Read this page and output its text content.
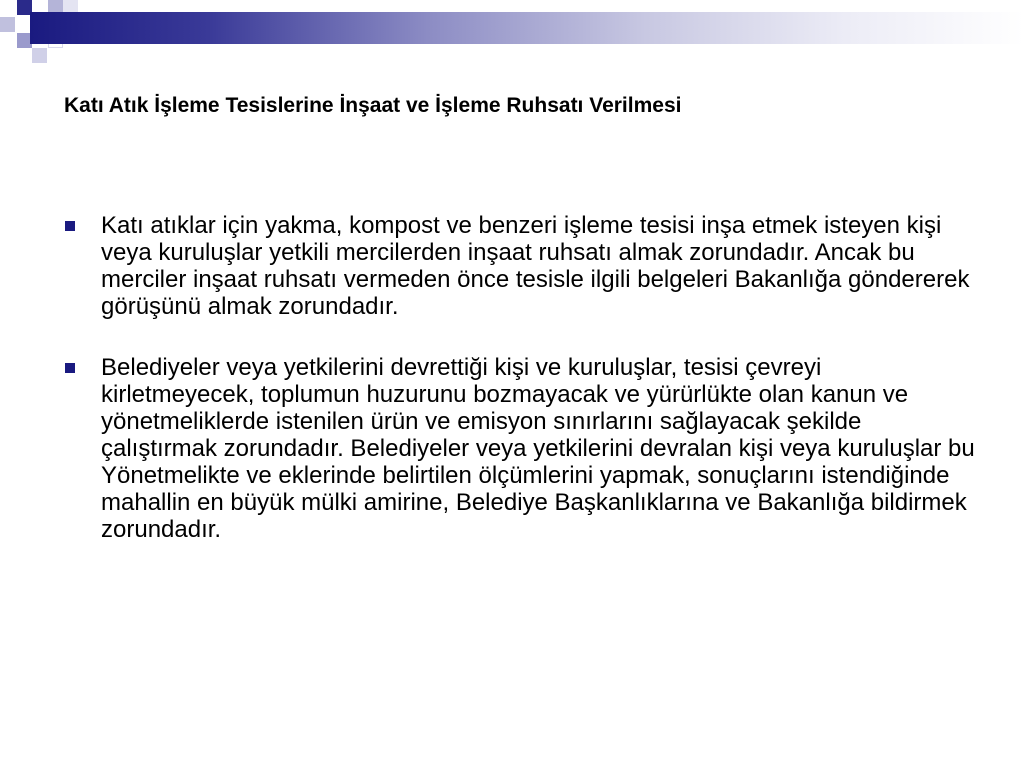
Katı Atık İşleme Tesislerine İnşaat ve İşleme Ruhsatı Verilmesi
Katı atıklar için yakma, kompost ve benzeri işleme tesisi inşa etmek isteyen kişi veya kuruluşlar yetkili mercilerden inşaat ruhsatı almak zorundadır. Ancak bu merciler inşaat ruhsatı vermeden önce tesisle ilgili belgeleri Bakanlığa göndererek görüşünü almak zorundadır.
Belediyeler veya yetkilerini devrettiği kişi ve kuruluşlar, tesisi çevreyi kirletmeyecek, toplumun huzurunu bozmayacak ve yürürlükte olan kanun ve yönetmeliklerde istenilen ürün ve emisyon sınırlarını sağlayacak şekilde çalıştırmak zorundadır. Belediyeler veya yetkilerini devralan kişi veya kuruluşlar bu Yönetmelikte ve eklerinde belirtilen ölçümlerini yapmak, sonuçlarını istendiğinde mahallin en büyük mülki amirine, Belediye Başkanlıklarına ve Bakanlığa bildirmek zorundadır.
